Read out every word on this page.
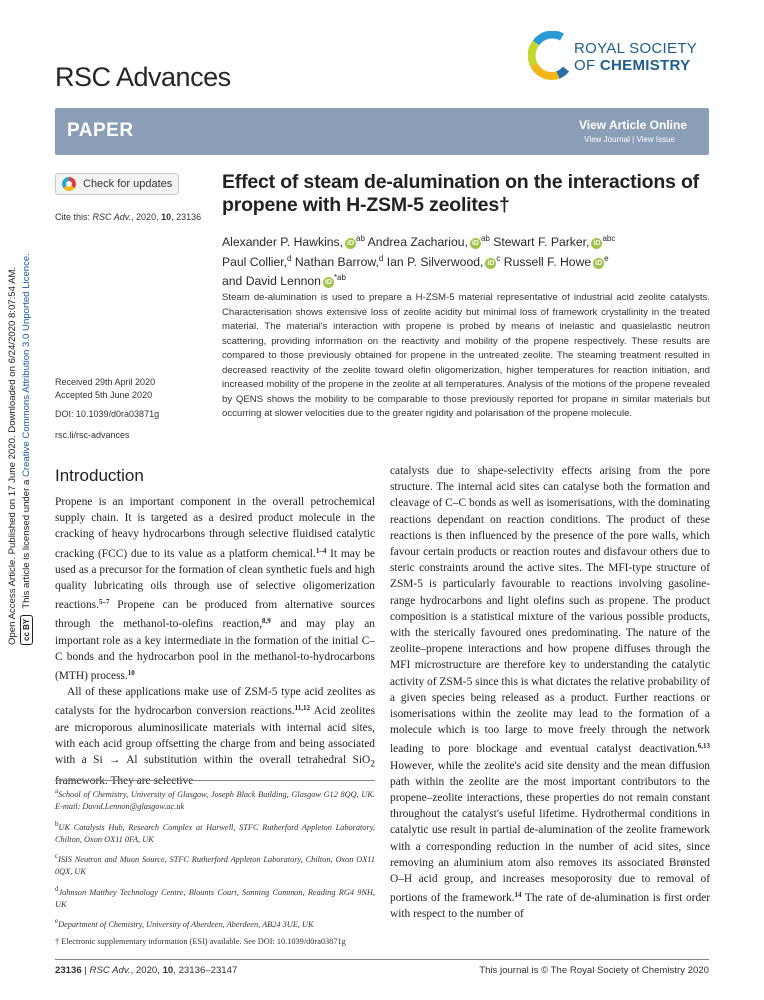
Open Access Article. Published on 17 June 2020. Downloaded on 6/24/2020 8:07:54 AM. cc BY
This article is licensed under a

Creative Commons Attribution 3.0 Unported Licence.
RSC Advances
ROYAL SOCIETY
OF CHEMISTRY
PAPER	View Article Online
View Journal | View Issue
Check for updates
Cite this: RSC Adv., 2020, 10, 23136
Received 29th April 2020
Accepted 5th June 2020
DOI: 10.1039/d0ra03871g
rsc.li/rsc-advances
Effect of steam de-alumination on the interactions of propene with H-ZSM-5 zeolites†
Alexander P. Hawkins, iD$^{ab}$ Andrea Zachariou, iD$^{ab}$ Stewart F. Parker, iD$^{abc}$
Paul Collier,$^d$ Nathan Barrow,$^d$ Ian P. Silverwood, iD$^c$ Russell F. Howe iD$^e$
and David Lennon iD$^{*ab}$
Steam de-alumination is used to prepare a H-ZSM-5 material representative of industrial acid zeolite catalysts. Characterisation shows extensive loss of zeolite acidity but minimal loss of framework crystallinity in the treated material. The material's interaction with propene is probed by means of inelastic and quasielastic neutron scattering, providing information on the reactivity and mobility of the propene respectively. These results are compared to those previously obtained for propene in the untreated zeolite. The steaming treatment resulted in decreased reactivity of the zeolite toward olefin oligomerization, higher temperatures for reaction initiation, and increased mobility of the propene in the zeolite at all temperatures. Analysis of the motions of the propene revealed by QENS shows the mobility to be comparable to those previously reported for propane in similar materials but occurring at slower velocities due to the greater rigidity and polarisation of the propene molecule.
Introduction

Propene is an important component in the overall petrochemical supply chain. It is targeted as a desired product molecule in the cracking of heavy hydrocarbons through selective fluidised catalytic cracking (FCC) due to its value as a platform chemical.$^{1-4}$ It may be used as a precursor for the formation of clean synthetic fuels and high quality lubricating oils through use of selective oligomerization reactions.$^{5-7}$ Propene can be produced from alternative sources through the methanol-to-olefins reaction,$^{8,9}$ and may play an important role as a key intermediate in the formation of the initial C–C bonds and the hydrocarbon pool in the methanol-to-hydrocarbons (MTH) process.$^{10}$

All of these applications make use of ZSM-5 type acid zeolites as catalysts for the hydrocarbon conversion reactions.$^{11,12}$ Acid zeolites are microporous aluminosilicate materials with internal acid sites, with each acid group offsetting the charge from and being associated with a Si → Al substitution within the overall tetrahedral SiO$_2$ framework. They are selective

catalysts due to shape-selectivity effects arising from the pore structure. The internal acid sites can catalyse both the formation and cleavage of C–C bonds as well as isomerisations, with the dominating reactions dependant on reaction conditions. The product of these reactions is then influenced by the presence of the pore walls, which favour certain products or reaction routes and disfavour others due to steric constraints around the active sites. The MFI-type structure of ZSM-5 is particularly favourable to reactions involving gasoline-range hydrocarbons and light olefins such as propene. The product composition is a statistical mixture of the various possible products, with the sterically favoured ones predominating. The nature of the zeolite–propene interactions and how propene diffuses through the MFI microstructure are therefore key to understanding the catalytic activity of ZSM-5 since this is what dictates the relative probability of a given species being released as a product. Further reactions or isomerisations within the zeolite may lead to the formation of a molecule which is too large to move freely through the network leading to pore blockage and eventual catalyst deactivation.$^{6,13}$ However, while the zeolite's acid site density and the mean diffusion path within the zeolite are the most important contributors to the propene–zeolite interactions, these properties do not remain constant throughout the catalyst's useful lifetime. Hydrothermal conditions in catalytic use result in partial de-alumination of the zeolite framework with a corresponding reduction in the number of acid sites, since removing an aluminium atom also removes its associated Brønsted O–H acid group, and increases mesoporosity due to removal of portions of the framework.$^{14}$ The rate of de-alumination is first order with respect to the number of

$^a$School of Chemistry, University of Glasgow, Joseph Black Building, Glasgow G12 8QQ, UK. E-mail: David.Lennon@glasgow.ac.uk
$^b$UK Catalysis Hub, Research Complex at Harwell, STFC Rutherford Appleton Laboratory, Chilton, Oxon OX11 0FA, UK
$^c$ISIS Neutron and Muon Source, STFC Rutherford Appleton Laboratory, Chilton, Oxon OX11 0QX, UK
$^d$Johnson Matthey Technology Centre, Blounts Court, Sonning Common, Reading RG4 9NH, UK
$^e$Department of Chemistry, University of Aberdeen, Aberdeen, AB24 3UE, UK
† Electronic supplementary information (ESI) available. See DOI: 10.1039/d0ra03871g
23136 | RSC Adv., 2020, 10, 23136–23147	This journal is © The Royal Society of Chemistry 2020
